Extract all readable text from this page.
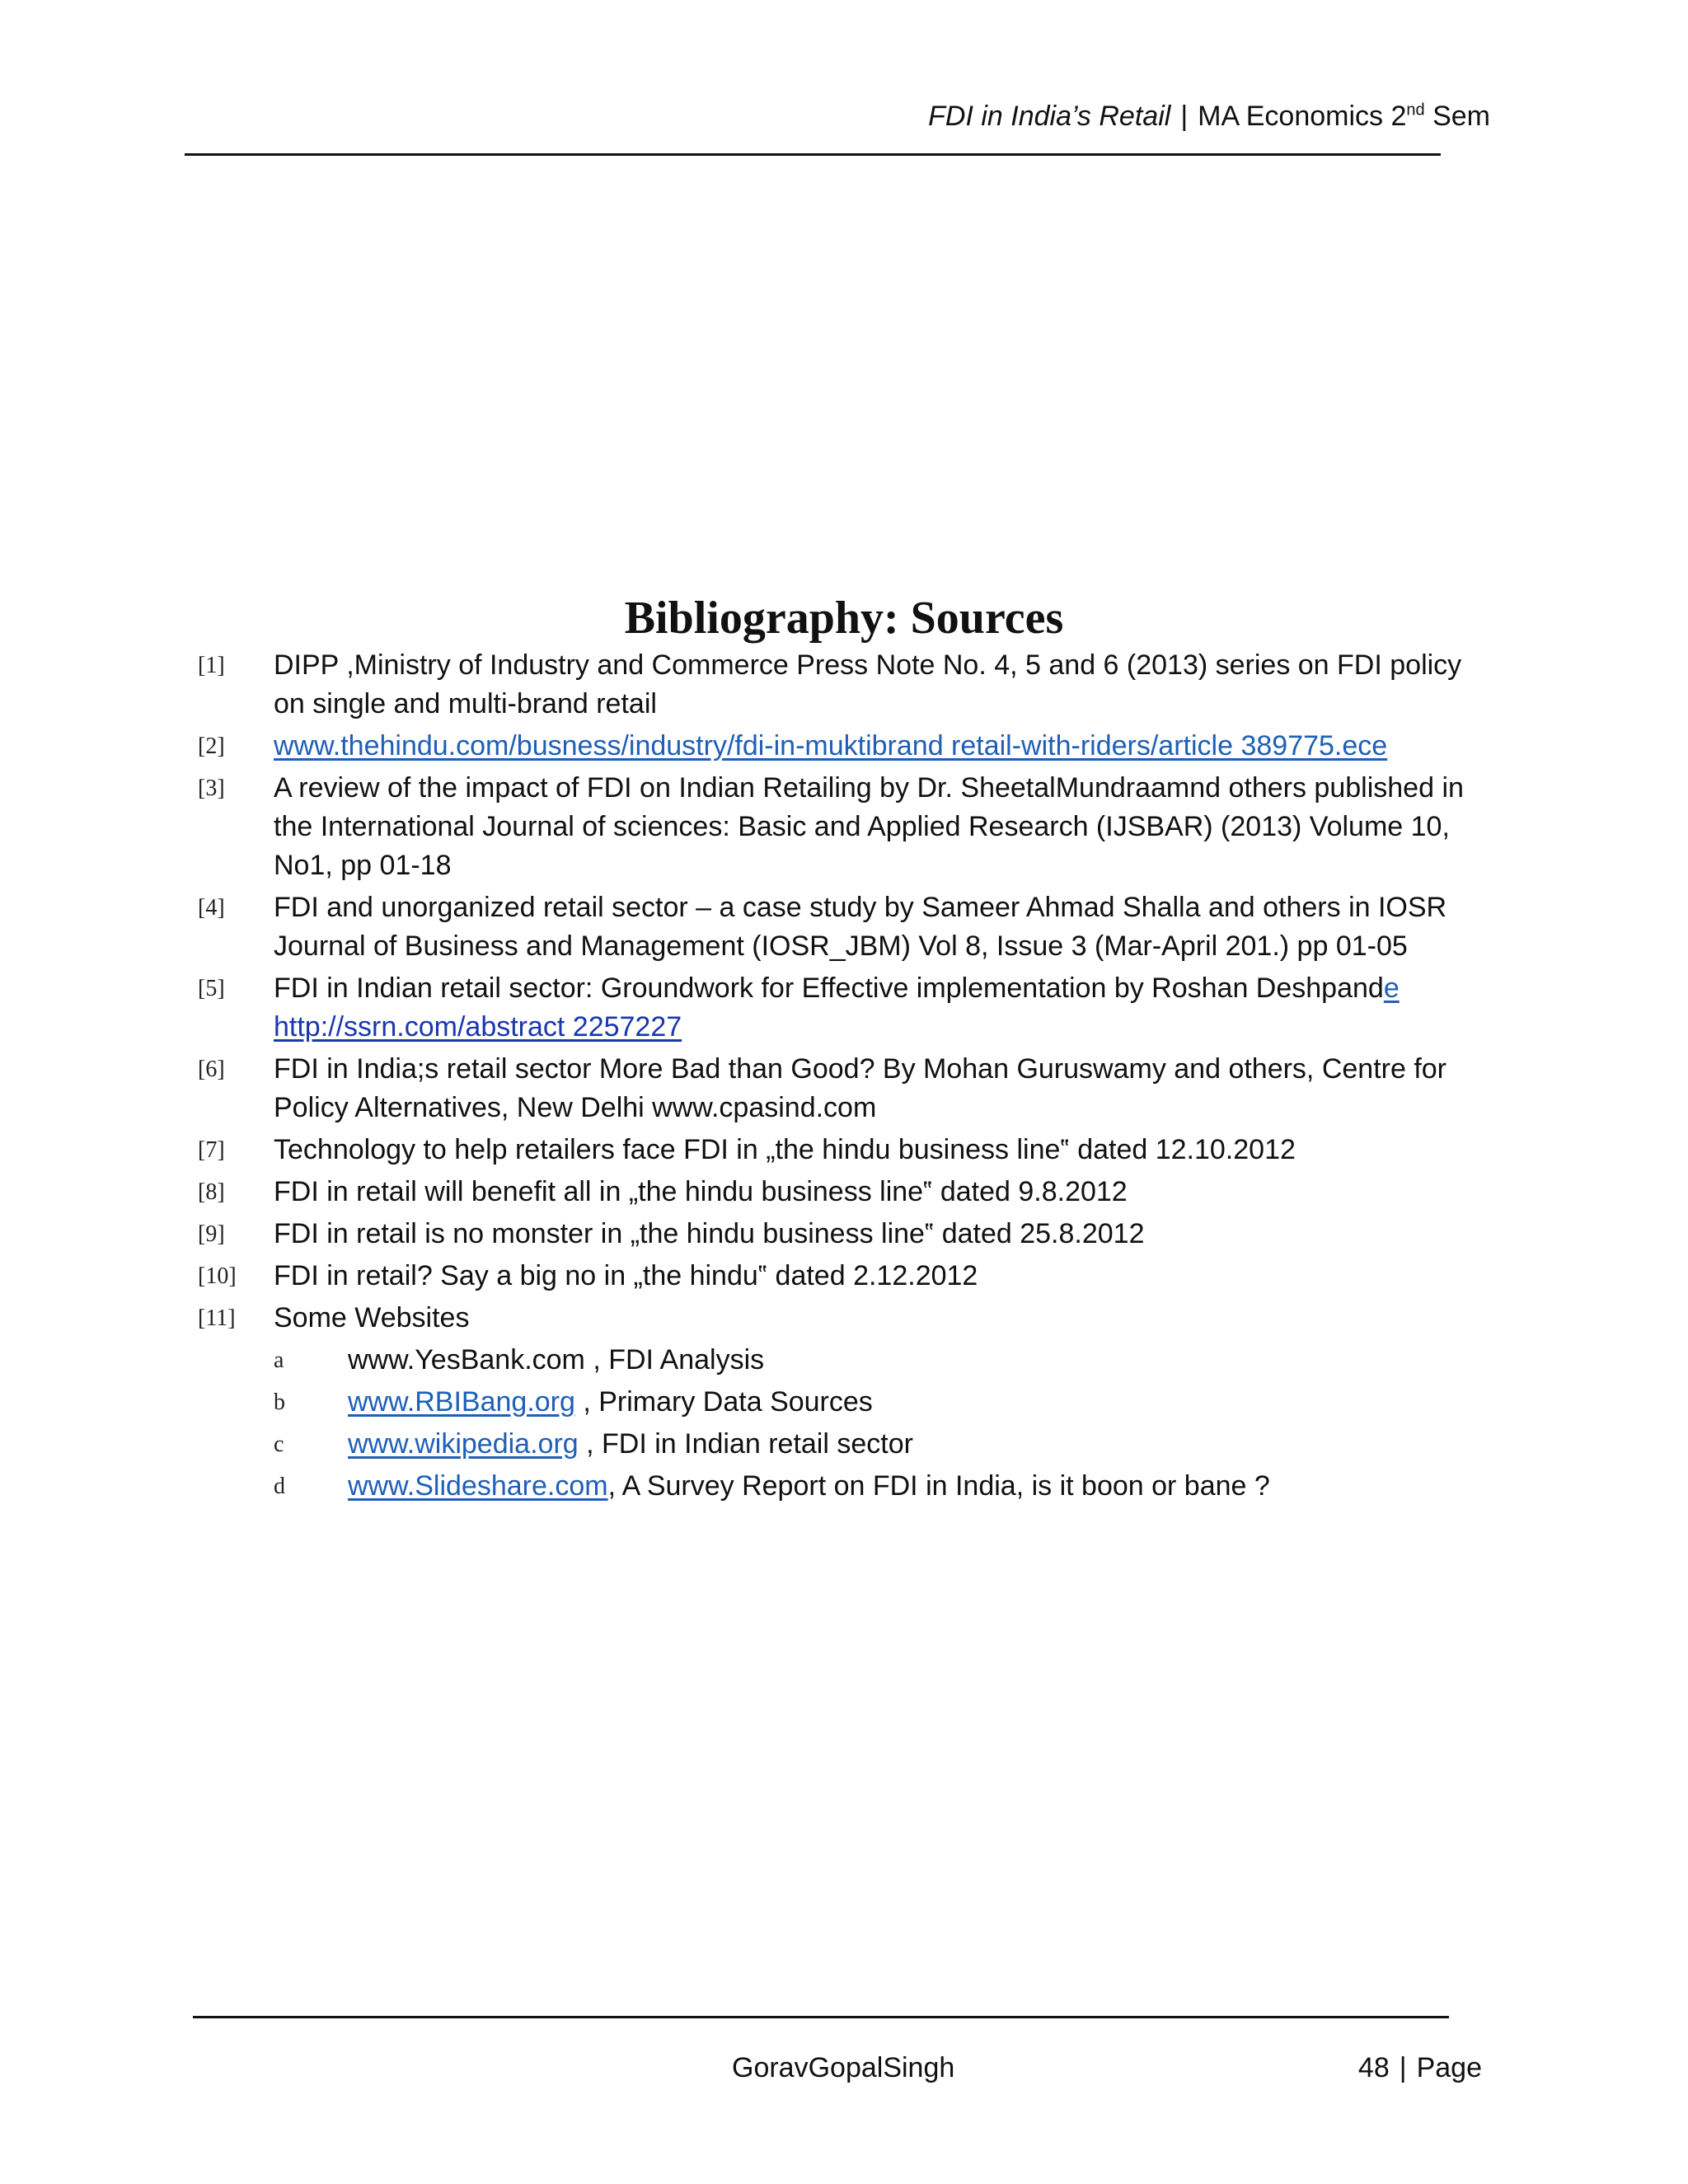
FDI in India’s Retail | MA Economics 2nd Sem
Bibliography: Sources
[1] DIPP ,Ministry of Industry and Commerce Press Note No. 4, 5 and 6 (2013) series on FDI policy on single and multi-brand retail
[2] www.thehindu.com/busness/industry/fdi-in-muktibrand retail-with-riders/article 389775.ece
[3] A review of the impact of FDI on Indian Retailing by Dr. SheetalMundraamnd others published in the International Journal of sciences: Basic and Applied Research (IJSBAR) (2013) Volume 10, No1, pp 01-18
[4] FDI and unorganized retail sector – a case study by Sameer Ahmad Shalla and others in IOSR Journal of Business and Management (IOSR_JBM) Vol 8, Issue 3 (Mar-April 201.) pp 01-05
[5] FDI in Indian retail sector: Groundwork for Effective implementation by Roshan Deshpande
http://ssrn.com/abstract 2257227
[6] FDI in India;s retail sector More Bad than Good? By Mohan Guruswamy and others, Centre for Policy Alternatives, New Delhi www.cpasind.com
[7] Technology to help retailers face FDI in „the hindu business line‟ dated 12.10.2012
[8] FDI in retail will benefit all in „the hindu business line‟ dated 9.8.2012
[9] FDI in retail is no monster in „the hindu business line‟ dated 25.8.2012
[10] FDI in retail? Say a big no in „the hindu‟ dated 2.12.2012
[11] Some Websites
a www.YesBank.com , FDI Analysis
b www.RBIBang.org , Primary Data Sources
c www.wikipedia.org , FDI in Indian retail sector
d www.Slideshare.com, A Survey Report on FDI in India, is it boon or bane ?
GoravGopalSingh	48 | Page
